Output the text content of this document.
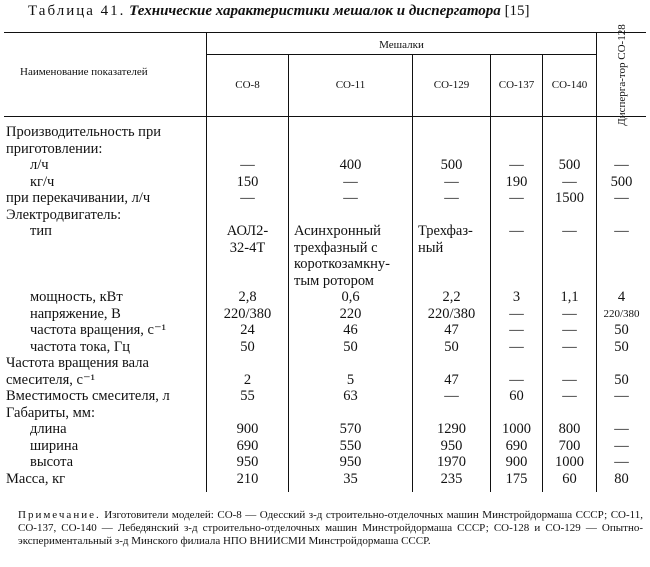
Таблица 41. Технические характеристики мешалок и диспергатора [15]
Наименование показателей
Мешалки
СО-8	СО-11	СО-129	СО-137	СО-140	Дисперга-тор СО-128
Производительность при
приготовлении:
л/ч	—	400	500	—	500	—
кг/ч	150	—	—	190	—	500
при перекачивании, л/ч	—	—	—	—	1500	—
Электродвигатель:
тип	АОЛ2-	Асинхронный	Трехфаз-	—	—	—
32-4Т	трехфазный с	ный
короткозамкну-
тым ротором
мощность, кВт	2,8	0,6	2,2	3	1,1	4
напряжение, В	220/380	220	220/380	—	—	220/380
частота вращения, с⁻¹	24	46	47	—	—	50
частота тока, Гц	50	50	50	—	—	50
Частота вращения вала
смесителя, с⁻¹	2	5	47	—	—	50
Вместимость смесителя, л	55	63	—	60	—	—
Габариты, мм:
длина	900	570	1290	1000	800	—
ширина	690	550	950	690	700	—
высота	950	950	1970	900	1000	—
Масса, кг	210	35	235	175	60	80
Примечание. Изготовители моделей: СО-8 — Одесский з-д строительно-отделочных машин Минстройдормаша СССР; СО-11, СО-137, СО-140 — Лебедянский з-д строительно-отделочных машин Минстройдормаша СССР; СО-128 и СО-129 — Опытно-экспериментальный з-д Минского филиала НПО ВНИИСМИ Минстройдормаша СССР.
